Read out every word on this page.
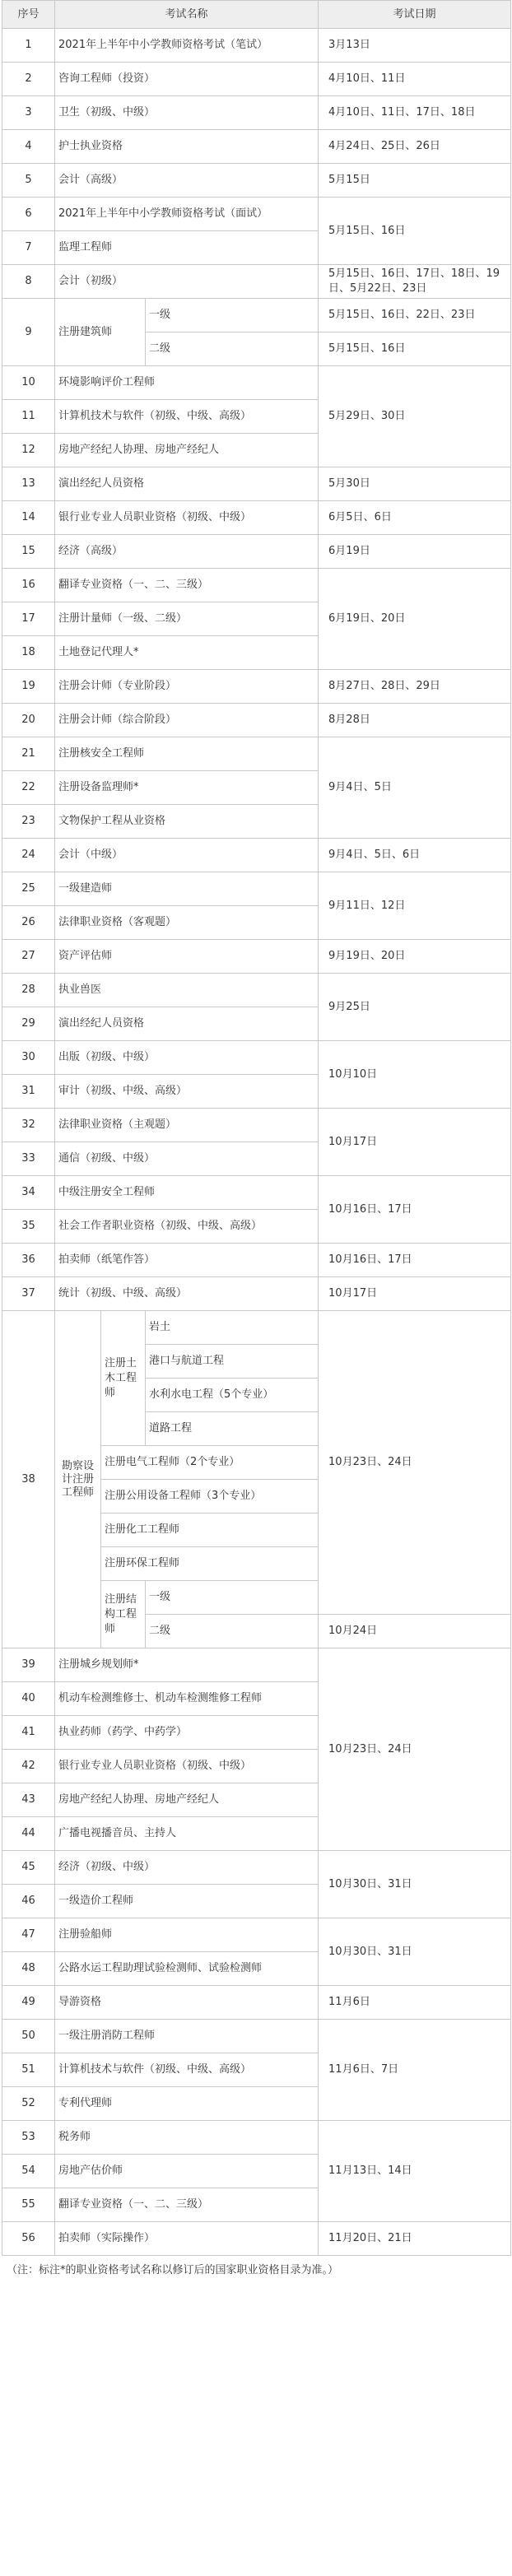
序号	考试名称			考试日期
1	2021年上半年中小学教师资格考试（笔试）			3月13日
2	咨询工程师（投资）			4月10日、11日
3	卫生（初级、中级）			4月10日、11日、17日、18日
4	护士执业资格			4月24日、25日、26日
5	会计（高级）			5月15日
6	2021年上半年中小学教师资格考试（面试）			5月15日、16日
7	监理工程师			
8	会计（初级）			5月15日、16日、17日、18日、19日、5月22日、23日
9	注册建筑师		一级	5月15日、16日、22日、23日
			二级	5月15日、16日
10	环境影响评价工程师			5月29日、30日
11	计算机技术与软件（初级、中级、高级）			
12	房地产经纪人协理、房地产经纪人			
13	演出经纪人员资格			5月30日
14	银行业专业人员职业资格（初级、中级）			6月5日、6日
15	经济（高级）			6月19日
16	翻译专业资格（一、二、三级）			6月19日、20日
17	注册计量师（一级、二级）			
18	土地登记代理人*			
19	注册会计师（专业阶段）			8月27日、28日、29日
20	注册会计师（综合阶段）			8月28日
21	注册核安全工程师			9月4日、5日
22	注册设备监理师*			
23	文物保护工程从业资格			
24	会计（中级）			9月4日、5日、6日
25	一级建造师			9月11日、12日
26	法律职业资格（客观题）			
27	资产评估师			9月19日、20日
28	执业兽医			9月25日
29	演出经纪人员资格			
30	出版（初级、中级）			10月10日
31	审计（初级、中级、高级）			
32	法律职业资格（主观题）			10月17日
33	通信（初级、中级）			
34	中级注册安全工程师			10月16日、17日
35	社会工作者职业资格（初级、中级、高级）			
36	拍卖师（纸笔作答）			10月16日、17日
37	统计（初级、中级、高级）			10月17日
38	勘察设计注册工程师	注册土木工程师	岩土	10月23日、24日
			港口与航道工程	
			水利水电工程（5个专业）	
			道路工程	
		注册电气工程师（2个专业）		
		注册公用设备工程师（3个专业）		
		注册化工工程师		
		注册环保工程师		
		注册结构工程师	一级	
			二级	10月24日
39	注册城乡规划师*			10月23日、24日
40	机动车检测维修士、机动车检测维修工程师			
41	执业药师（药学、中药学）			
42	银行业专业人员职业资格（初级、中级）			
43	房地产经纪人协理、房地产经纪人			
44	广播电视播音员、主持人			
45	经济（初级、中级）			10月30日、31日
46	一级造价工程师			
47	注册验船师			10月30日、31日
48	公路水运工程助理试验检测师、试验检测师			
49	导游资格			11月6日
50	一级注册消防工程师			11月6日、7日
51	计算机技术与软件（初级、中级、高级）			
52	专利代理师			
53	税务师			11月13日、14日
54	房地产估价师			
55	翻译专业资格（一、二、三级）			
56	拍卖师（实际操作）			11月20日、21日
（注：标注*的职业资格考试名称以修订后的国家职业资格目录为准。）
